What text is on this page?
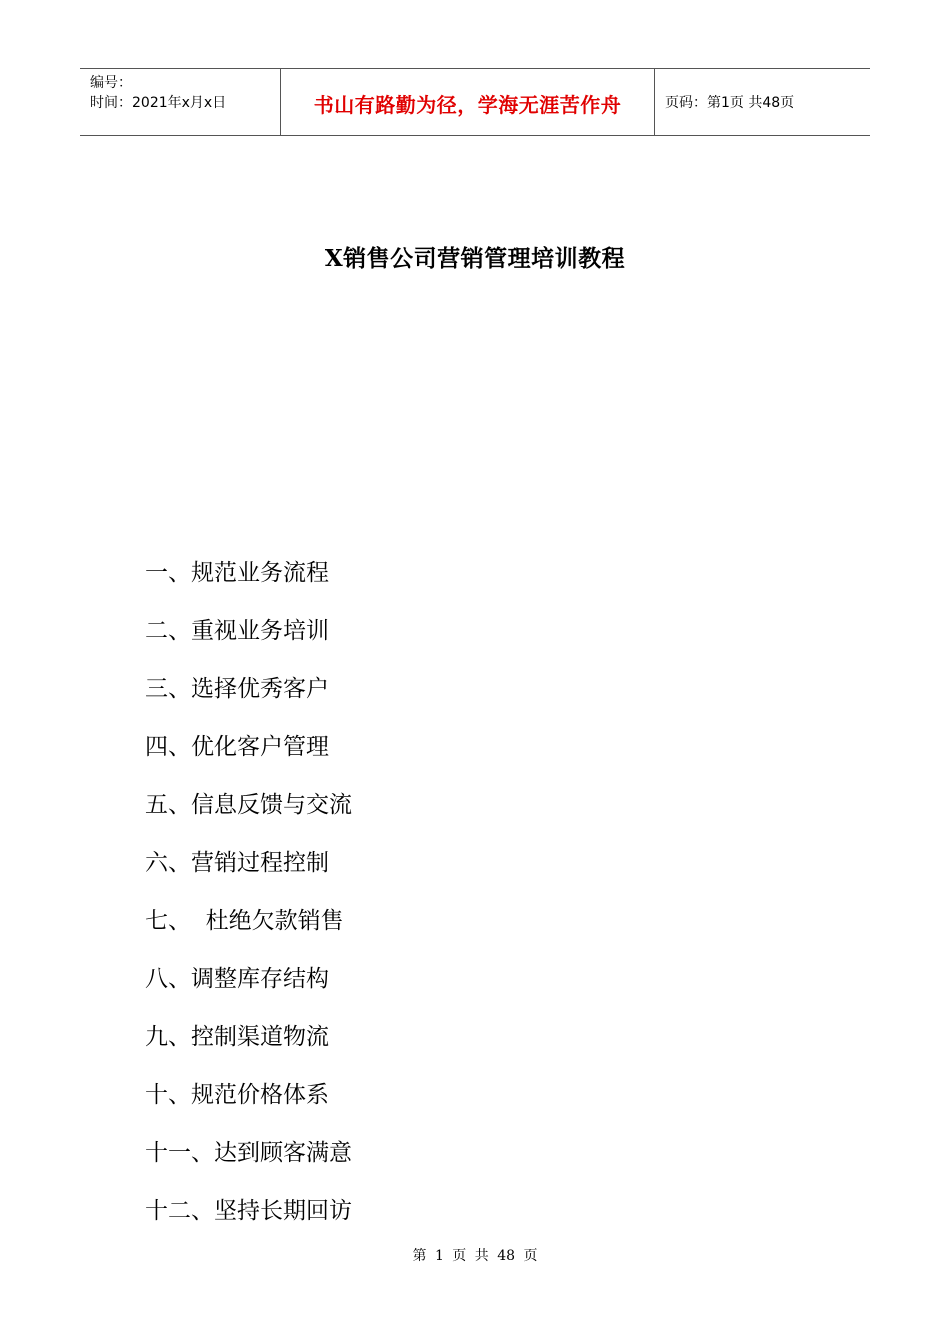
编号：
时间：2021年x月x日	书山有路勤为径，学海无涯苦作舟	页码：第1页 共48页
X销售公司营销管理培训教程
一、规范业务流程
二、重视业务培训
三、选择优秀客户
四、优化客户管理
五、信息反馈与交流
六、营销过程控制
七、  杜绝欠款销售
八、调整库存结构
九、控制渠道物流
十、规范价格体系
十一、达到顾客满意
十二、坚持长期回访
第 1 页 共 48 页
